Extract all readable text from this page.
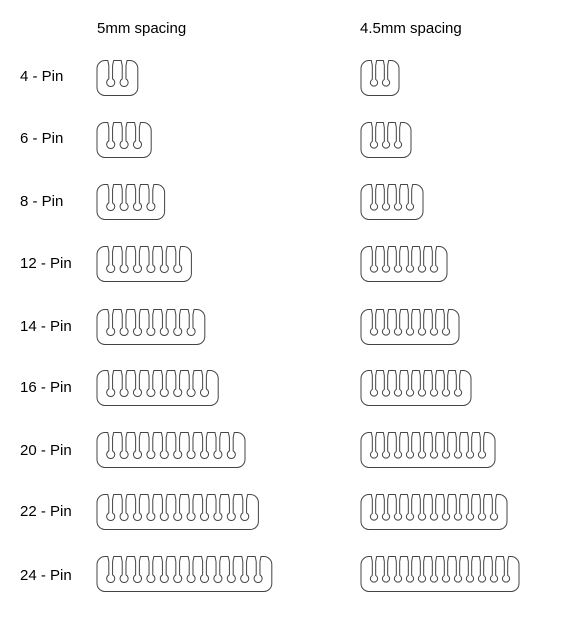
5mm spacing	4.5mm spacing
4 - Pin
6 - Pin
8 - Pin
12 - Pin
14 - Pin
16 - Pin
20 - Pin
22 - Pin
24 - Pin
